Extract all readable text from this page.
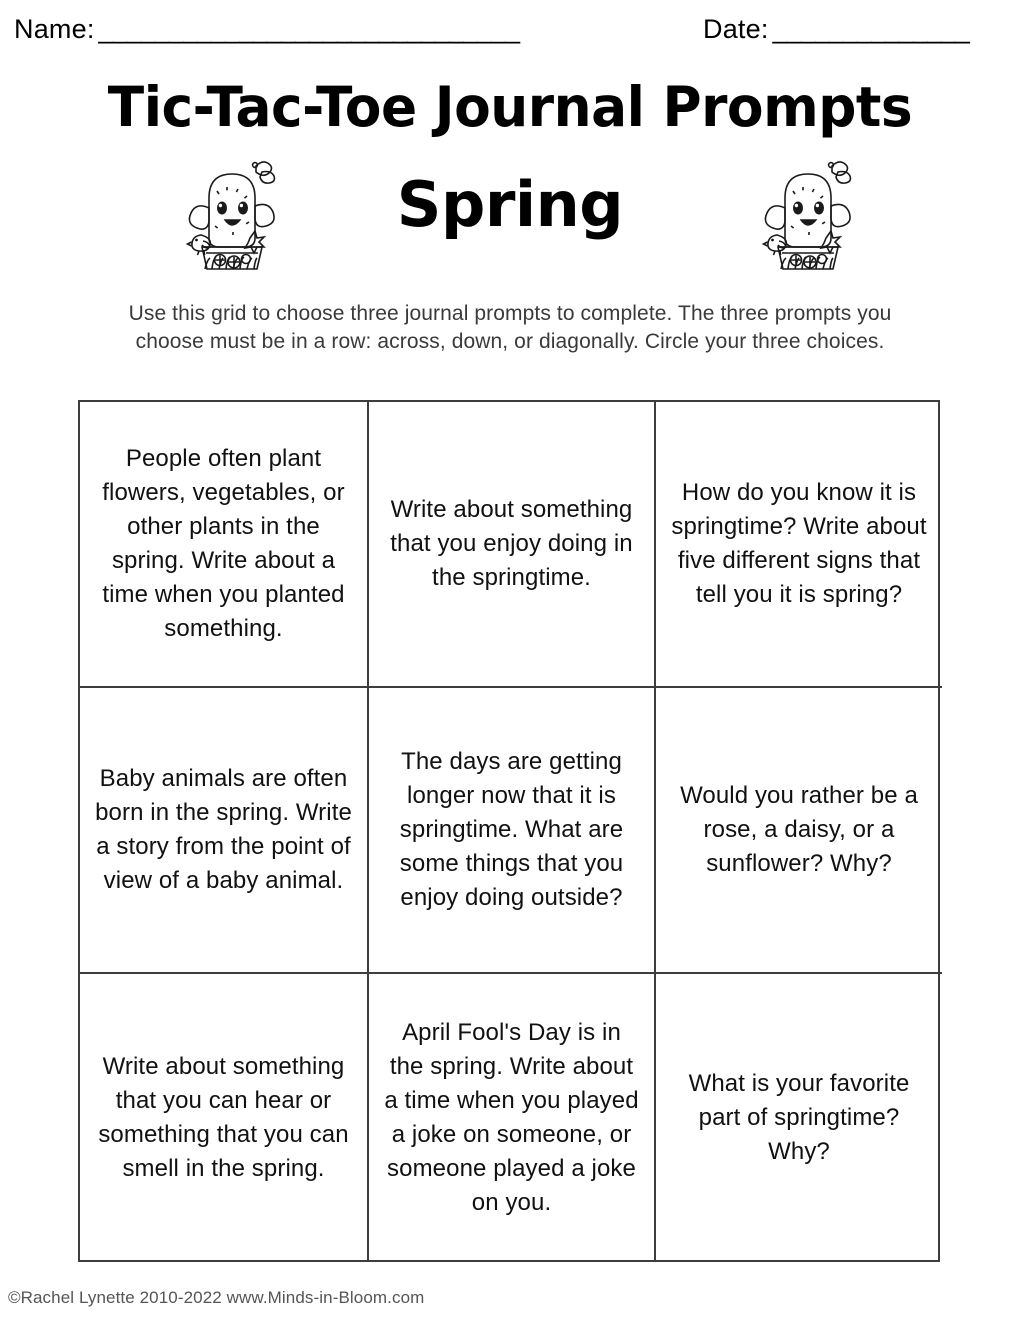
Name: ______________________________	Date: ______________
Tic-Tac-Toe Journal Prompts
Spring
Use this grid to choose three journal prompts to complete. The three prompts you choose must be in a row: across, down, or diagonally. Circle your three choices.
People often plant flowers, vegetables, or other plants in the spring. Write about a time when you planted something.
Write about something that you enjoy doing in the springtime.
How do you know it is springtime? Write about five different signs that tell you it is spring?
Baby animals are often born in the spring. Write a story from the point of view of a baby animal.
The days are getting longer now that it is springtime. What are some things that you enjoy doing outside?
Would you rather be a rose, a daisy, or a sunflower? Why?
Write about something that you can hear or something that you can smell in the spring.
April Fool's Day is in the spring. Write about a time when you played a joke on someone, or someone played a joke on you.
What is your favorite part of springtime? Why?
©Rachel Lynette 2010-2022 www.Minds-in-Bloom.com
